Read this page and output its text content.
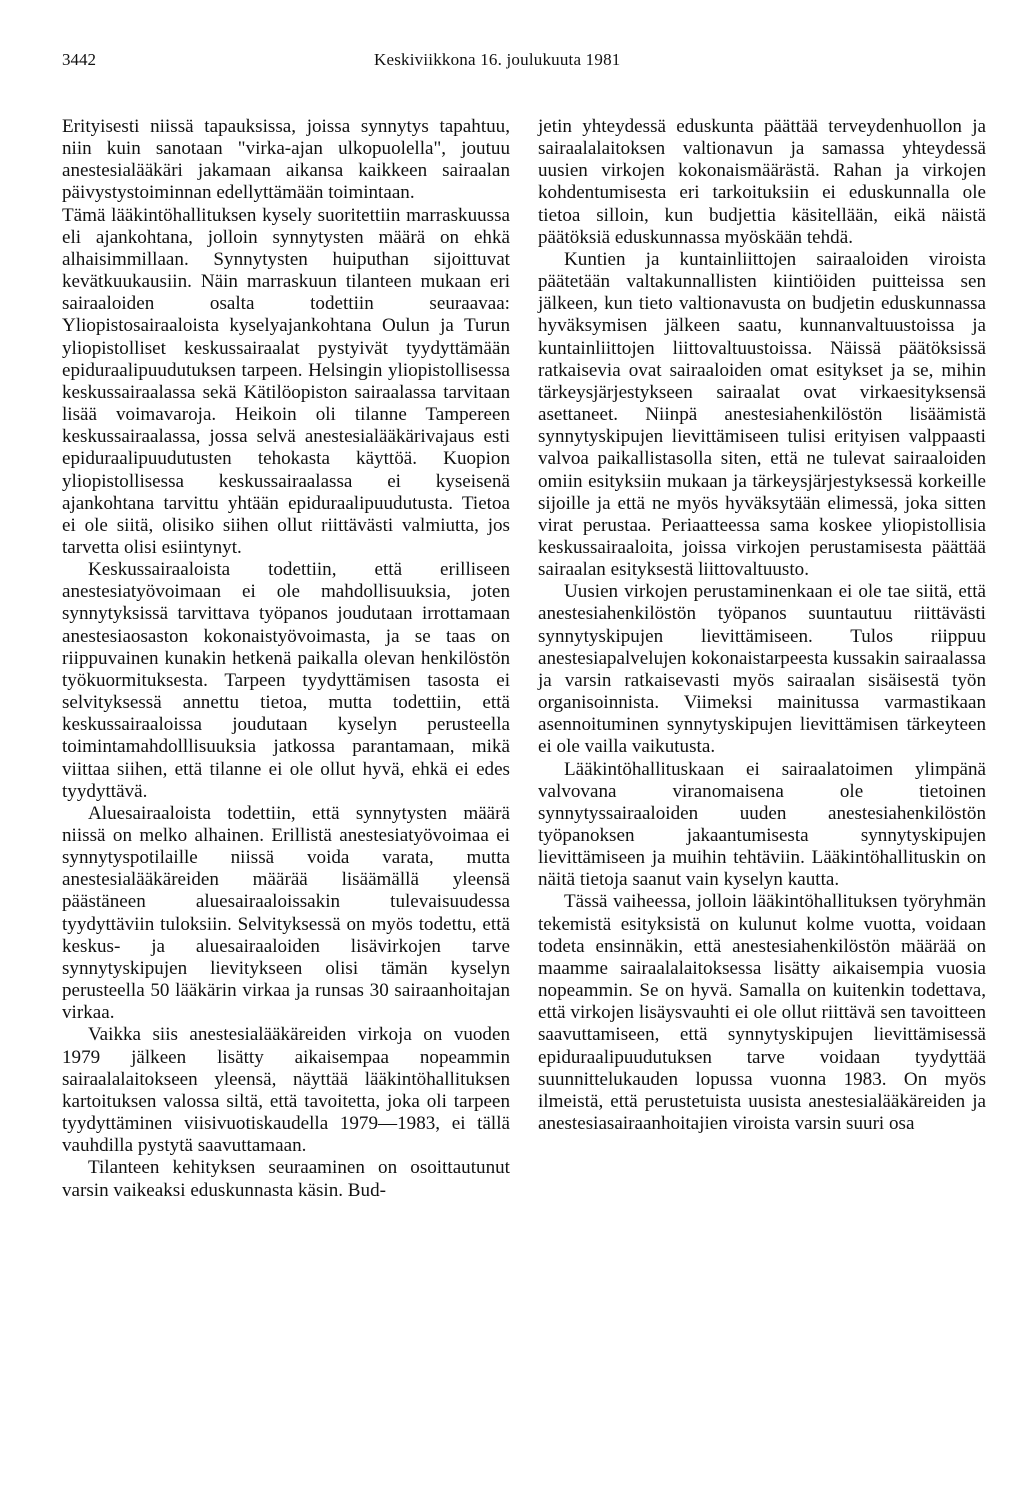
3442	Keskiviikkona 16. joulukuuta 1981

Erityisesti niissä tapauksissa, joissa synnytys tapahtuu, niin kuin sanotaan "virka-ajan ulkopuolella", joutuu anestesialääkäri jakamaan aikansa kaikkeen sairaalan päivystystoiminnan edellyttämään toimintaan.

Tämä lääkintöhallituksen kysely suoritettiin marraskuussa eli ajankohtana, jolloin synnytysten määrä on ehkä alhaisimmillaan. Synnytysten huiputhan sijoittuvat kevätkuukausiin. Näin marraskuun tilanteen mukaan eri sairaaloiden osalta todettiin seuraavaa: Yliopistosairaaloista kyselyajankohtana Oulun ja Turun yliopistolliset keskussairaalat pystyivät tyydyttämään epiduraalipuudutuksen tarpeen. Helsingin yliopistollisessa keskussairaalassa sekä Kätilöopiston sairaalassa tarvitaan lisää voimavaroja. Heikoin oli tilanne Tampereen keskussairaalassa, jossa selvä anestesialääkärivajaus esti epiduraalipuudutusten tehokasta käyttöä. Kuopion yliopistollisessa keskussairaalassa ei kyseisenä ajankohtana tarvittu yhtään epiduraalipuudutusta. Tietoa ei ole siitä, olisiko siihen ollut riittävästi valmiutta, jos tarvetta olisi esiintynyt.

Keskussairaaloista todettiin, että erilliseen anestesiatyövoimaan ei ole mahdollisuuksia, joten synnytyksissä tarvittava työpanos joudutaan irrottamaan anestesiaosaston kokonaistyövoimasta, ja se taas on riippuvainen kunakin hetkenä paikalla olevan henkilöstön työkuormituksesta. Tarpeen tyydyttämisen tasosta ei selvityksessä annettu tietoa, mutta todettiin, että keskussairaaloissa joudutaan kyselyn perusteella toimintamahdolllisuuksia jatkossa parantamaan, mikä viittaa siihen, että tilanne ei ole ollut hyvä, ehkä ei edes tyydyttävä.

Aluesairaaloista todettiin, että synnytysten määrä niissä on melko alhainen. Erillistä anestesiatyövoimaa ei synnytyspotilaille niissä voida varata, mutta anestesialääkäreiden määrää lisäämällä yleensä päästäneen aluesairaaloissakin tulevaisuudessa tyydyttäviin tuloksiin. Selvityksessä on myös todettu, että keskus- ja aluesairaaloiden lisävirkojen tarve synnytyskipujen lievitykseen olisi tämän kyselyn perusteella 50 lääkärin virkaa ja runsas 30 sairaanhoitajan virkaa.

Vaikka siis anestesialääkäreiden virkoja on vuoden 1979 jälkeen lisätty aikaisempaa nopeammin sairaalalaitokseen yleensä, näyttää lääkintöhallituksen kartoituksen valossa siltä, että tavoitetta, joka oli tarpeen tyydyttäminen viisivuotiskaudella 1979—1983, ei tällä vauhdilla pystytä saavuttamaan.

Tilanteen kehityksen seuraaminen on osoittautunut varsin vaikeaksi eduskunnasta käsin. Bud-

jetin yhteydessä eduskunta päättää terveydenhuollon ja sairaalalaitoksen valtionavun ja samassa yhteydessä uusien virkojen kokonaismäärästä. Rahan ja virkojen kohdentumisesta eri tarkoituksiin ei eduskunnalla ole tietoa silloin, kun budjettia käsitellään, eikä näistä päätöksiä eduskunnassa myöskään tehdä.

Kuntien ja kuntainliittojen sairaaloiden viroista päätetään valtakunnallisten kiintiöiden puitteissa sen jälkeen, kun tieto valtionavusta on budjetin eduskunnassa hyväksymisen jälkeen saatu, kunnanvaltuustoissa ja kuntainliittojen liittovaltuustoissa. Näissä päätöksissä ratkaisevia ovat sairaaloiden omat esitykset ja se, mihin tärkeysjärjestykseen sairaalat ovat virkaesityksensä asettaneet. Niinpä anestesiahenkilöstön lisäämistä synnytyskipujen lievittämiseen tulisi erityisen valppaasti valvoa paikallistasolla siten, että ne tulevat sairaaloiden omiin esityksiin mukaan ja tärkeysjärjestyksessä korkeille sijoille ja että ne myös hyväksytään elimessä, joka sitten virat perustaa. Periaatteessa sama koskee yliopistollisia keskussairaaloita, joissa virkojen perustamisesta päättää sairaalan esityksestä liittovaltuusto.

Uusien virkojen perustaminenkaan ei ole tae siitä, että anestesiahenkilöstön työpanos suuntautuu riittävästi synnytyskipujen lievittämiseen. Tulos riippuu anestesiapalvelujen kokonaistarpeesta kussakin sairaalassa ja varsin ratkaisevasti myös sairaalan sisäisestä työn organisoinnista. Viimeksi mainitussa varmastikaan asennoituminen synnytyskipujen lievittämisen tärkeyteen ei ole vailla vaikutusta.

Lääkintöhallituskaan ei sairaalatoimen ylimpänä valvovana viranomaisena ole tietoinen synnytyssairaaloiden uuden anestesiahenkilöstön työpanoksen jakaantumisesta synnytyskipujen lievittämiseen ja muihin tehtäviin. Lääkintöhallituskin on näitä tietoja saanut vain kyselyn kautta.

Tässä vaiheessa, jolloin lääkintöhallituksen työryhmän tekemistä esityksistä on kulunut kolme vuotta, voidaan todeta ensinnäkin, että anestesiahenkilöstön määrää on maamme sairaalalaitoksessa lisätty aikaisempia vuosia nopeammin. Se on hyvä. Samalla on kuitenkin todettava, että virkojen lisäysvauhti ei ole ollut riittävä sen tavoitteen saavuttamiseen, että synnytyskipujen lievittämisessä epiduraalipuudutuksen tarve voidaan tyydyttää suunnittelukauden lopussa vuonna 1983. On myös ilmeistä, että perustetuista uusista anestesialääkäreiden ja anestesiasairaanhoitajien viroista varsin suuri osa
